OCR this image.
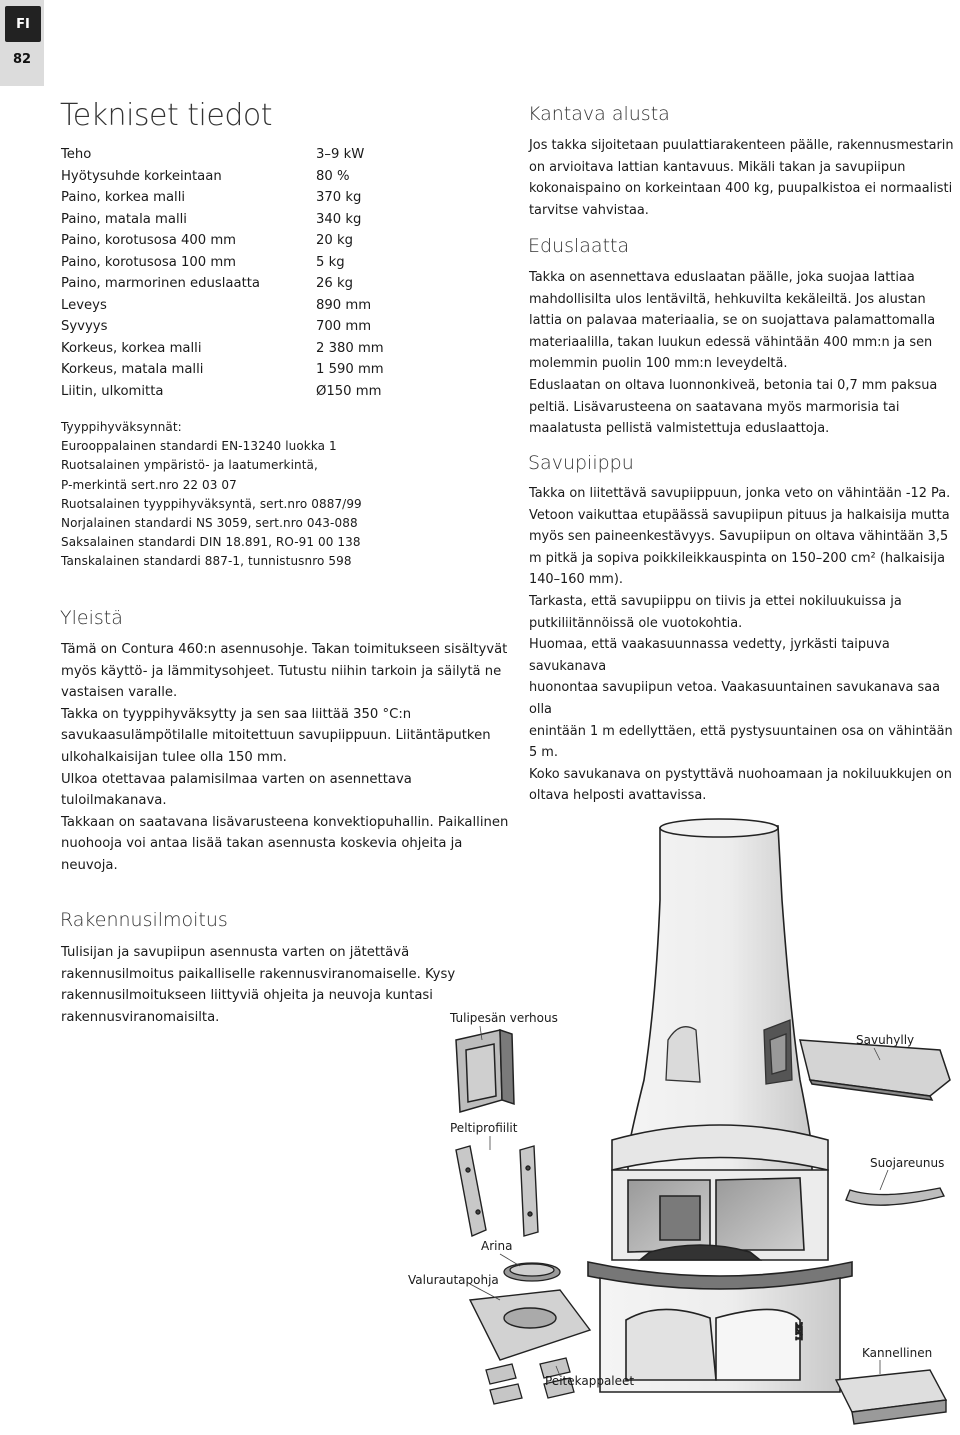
FI
82
Tekniset tiedot
Teho	3–9 kW
Hyötysuhde korkeintaan	80 %
Paino, korkea malli	370 kg
Paino, matala malli	340 kg
Paino, korotusosa 400 mm	20 kg
Paino, korotusosa 100 mm	5 kg
Paino, marmorinen eduslaatta	26 kg
Leveys	890 mm
Syvyys	700 mm
Korkeus, korkea malli	2 380 mm
Korkeus, matala malli	1 590 mm
Liitin, ulkomitta	Ø150 mm
Tyyppihyväksynnät:
Eurooppalainen standardi EN-13240 luokka 1
Ruotsalainen ympäristö- ja laatumerkintä,
P-merkintä sert.nro 22 03 07
Ruotsalainen tyyppihyväksyntä, sert.nro 0887/99
Norjalainen standardi NS 3059, sert.nro 043-088
Saksalainen standardi DIN 18.891, RO-91 00 138
Tanskalainen standardi 887-1, tunnistusnro 598
Yleistä

Tämä on Contura 460:n asennusohje. Takan toimitukseen sisältyvät

myös käyttö- ja lämmitysohjeet. Tutustu niihin tarkoin ja säilytä ne

vastaisen varalle.

Takka on tyyppihyväksytty ja sen saa liittää 350 °C:n

savukaasulämpötilalle mitoitettuun savupiippuun. Liitäntäputken

ulkohalkaisijan tulee olla 150 mm.

Ulkoa otettavaa palamisilmaa varten on asennettava

tuloilmakanava.

Takkaan on saatavana lisävarusteena konvektiopuhallin. Paikallinen

nuohooja voi antaa lisää takan asennusta koskevia ohjeita ja

neuvoja.

Rakennusilmoitus

Tulisijan ja savupiipun asennusta varten on jätettävä

rakennusilmoitus paikalliselle rakennusviranomaiselle. Kysy

rakennusilmoitukseen liittyviä ohjeita ja neuvoja kuntasi

rakennusviranomaisilta.

Kantava alusta

Jos takka sijoitetaan puulattiarakenteen päälle, rakennusmestarin

on arvioitava lattian kantavuus. Mikäli takan ja savupiipun

kokonaispaino on korkeintaan 400 kg, puupalkistoa ei normaalisti

tarvitse vahvistaa.

Eduslaatta

Takka on asennettava eduslaatan päälle, joka suojaa lattiaa

mahdollisilta ulos lentäviltä, hehkuvilta kekäleiltä. Jos alustan

lattia on palavaa materiaalia, se on suojattava palamattomalla

materiaalilla, takan luukun edessä vähintään 400 mm:n ja sen

molemmin puolin 100 mm:n leveydeltä.

Eduslaatan on oltava luonnonkiveä, betonia tai 0,7 mm paksua

peltiä. Lisävarusteena on saatavana myös marmorisia tai

maalatusta pellistä valmistettuja eduslaattoja.

Savupiippu

Takka on liitettävä savupiippuun, jonka veto on vähintään -12 Pa.

Vetoon vaikuttaa etupäässä savupiipun pituus ja halkaisija mutta

myös sen paineenkestävyys. Savupiipun on oltava vähintään 3,5

m pitkä ja sopiva poikkileikkauspinta on 150–200 cm² (halkaisija

140–160 mm).

Tarkasta, että savupiippu on tiivis ja ettei nokiluukuissa ja

putkiliitännöissä ole vuotokohtia.

Huomaa, että vaakasuunnassa vedetty, jyrkästi taipuva savukanava

huonontaa savupiipun vetoa. Vaakasuuntainen savukanava saa olla

enintään 1 m edellyttäen, että pystysuuntainen osa on vähintään

5 m.

Koko savukanava on pystyttävä nuohoamaan ja nokiluukkujen on

oltava helposti avattavissa.

LEK
Tulipesän verhous
Savuhylly
Peltiprofiilit
Suojareunus
Arina
Valurautapohja
Kannellinen
Peitekappaleet
